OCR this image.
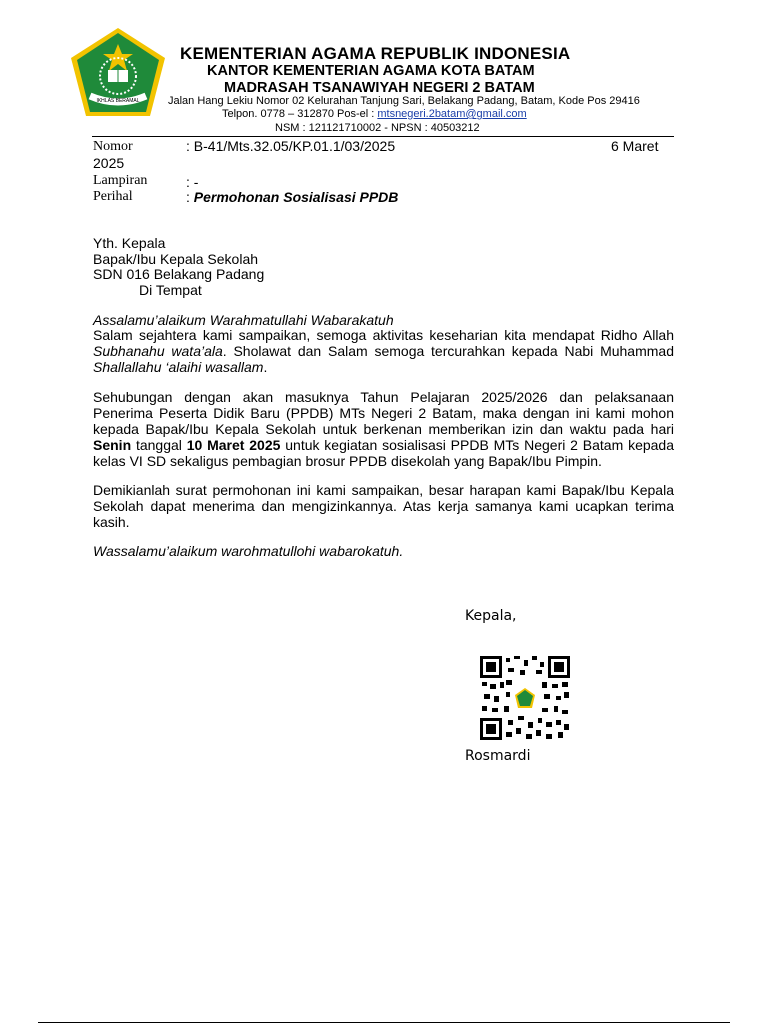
IKHLAS BERAMAL
KEMENTERIAN AGAMA REPUBLIK INDONESIA
KANTOR KEMENTERIAN AGAMA KOTA BATAM
MADRASAH TSANAWIYAH NEGERI 2 BATAM
Jalan Hang Lekiu Nomor 02 Kelurahan Tanjung Sari, Belakang Padang, Batam, Kode Pos 29416
Telpon. 0778 – 312870 Pos-el : mtsnegeri.2batam@gmail.com
NSM : 121121710002 - NPSN : 40503212
Nomor	: B-41/Mts.32.05/KP.01.1/03/2025	6 Maret
2025
Lampiran	: -
Perihal	: Permohonan Sosialisasi PPDB
Yth. Kepala
Bapak/Ibu Kepala Sekolah
SDN 016 Belakang Padang
Di Tempat
Assalamu’alaikum Warahmatullahi Wabarakatuh
Salam sejahtera kami sampaikan, semoga aktivitas keseharian kita mendapat Ridho Allah Subhanahu wata’ala. Sholawat dan Salam semoga tercurahkan kepada Nabi Muhammad Shallallahu ‘alaihi wasallam.
Sehubungan dengan akan masuknya Tahun Pelajaran 2025/2026 dan pelaksanaan Penerima Peserta Didik Baru (PPDB) MTs Negeri 2 Batam, maka dengan ini kami mohon kepada Bapak/Ibu Kepala Sekolah untuk berkenan memberikan izin dan waktu pada hari Senin tanggal 10 Maret 2025 untuk kegiatan sosialisasi PPDB MTs Negeri 2 Batam kepada kelas VI SD sekaligus pembagian brosur PPDB disekolah yang Bapak/Ibu Pimpin.
Demikianlah surat permohonan ini kami sampaikan, besar harapan kami Bapak/Ibu Kepala Sekolah dapat menerima dan mengizinkannya. Atas kerja samanya kami ucapkan terima kasih.
Wassalamu’alaikum warohmatullohi wabarokatuh.
Kepala,
Rosmardi
